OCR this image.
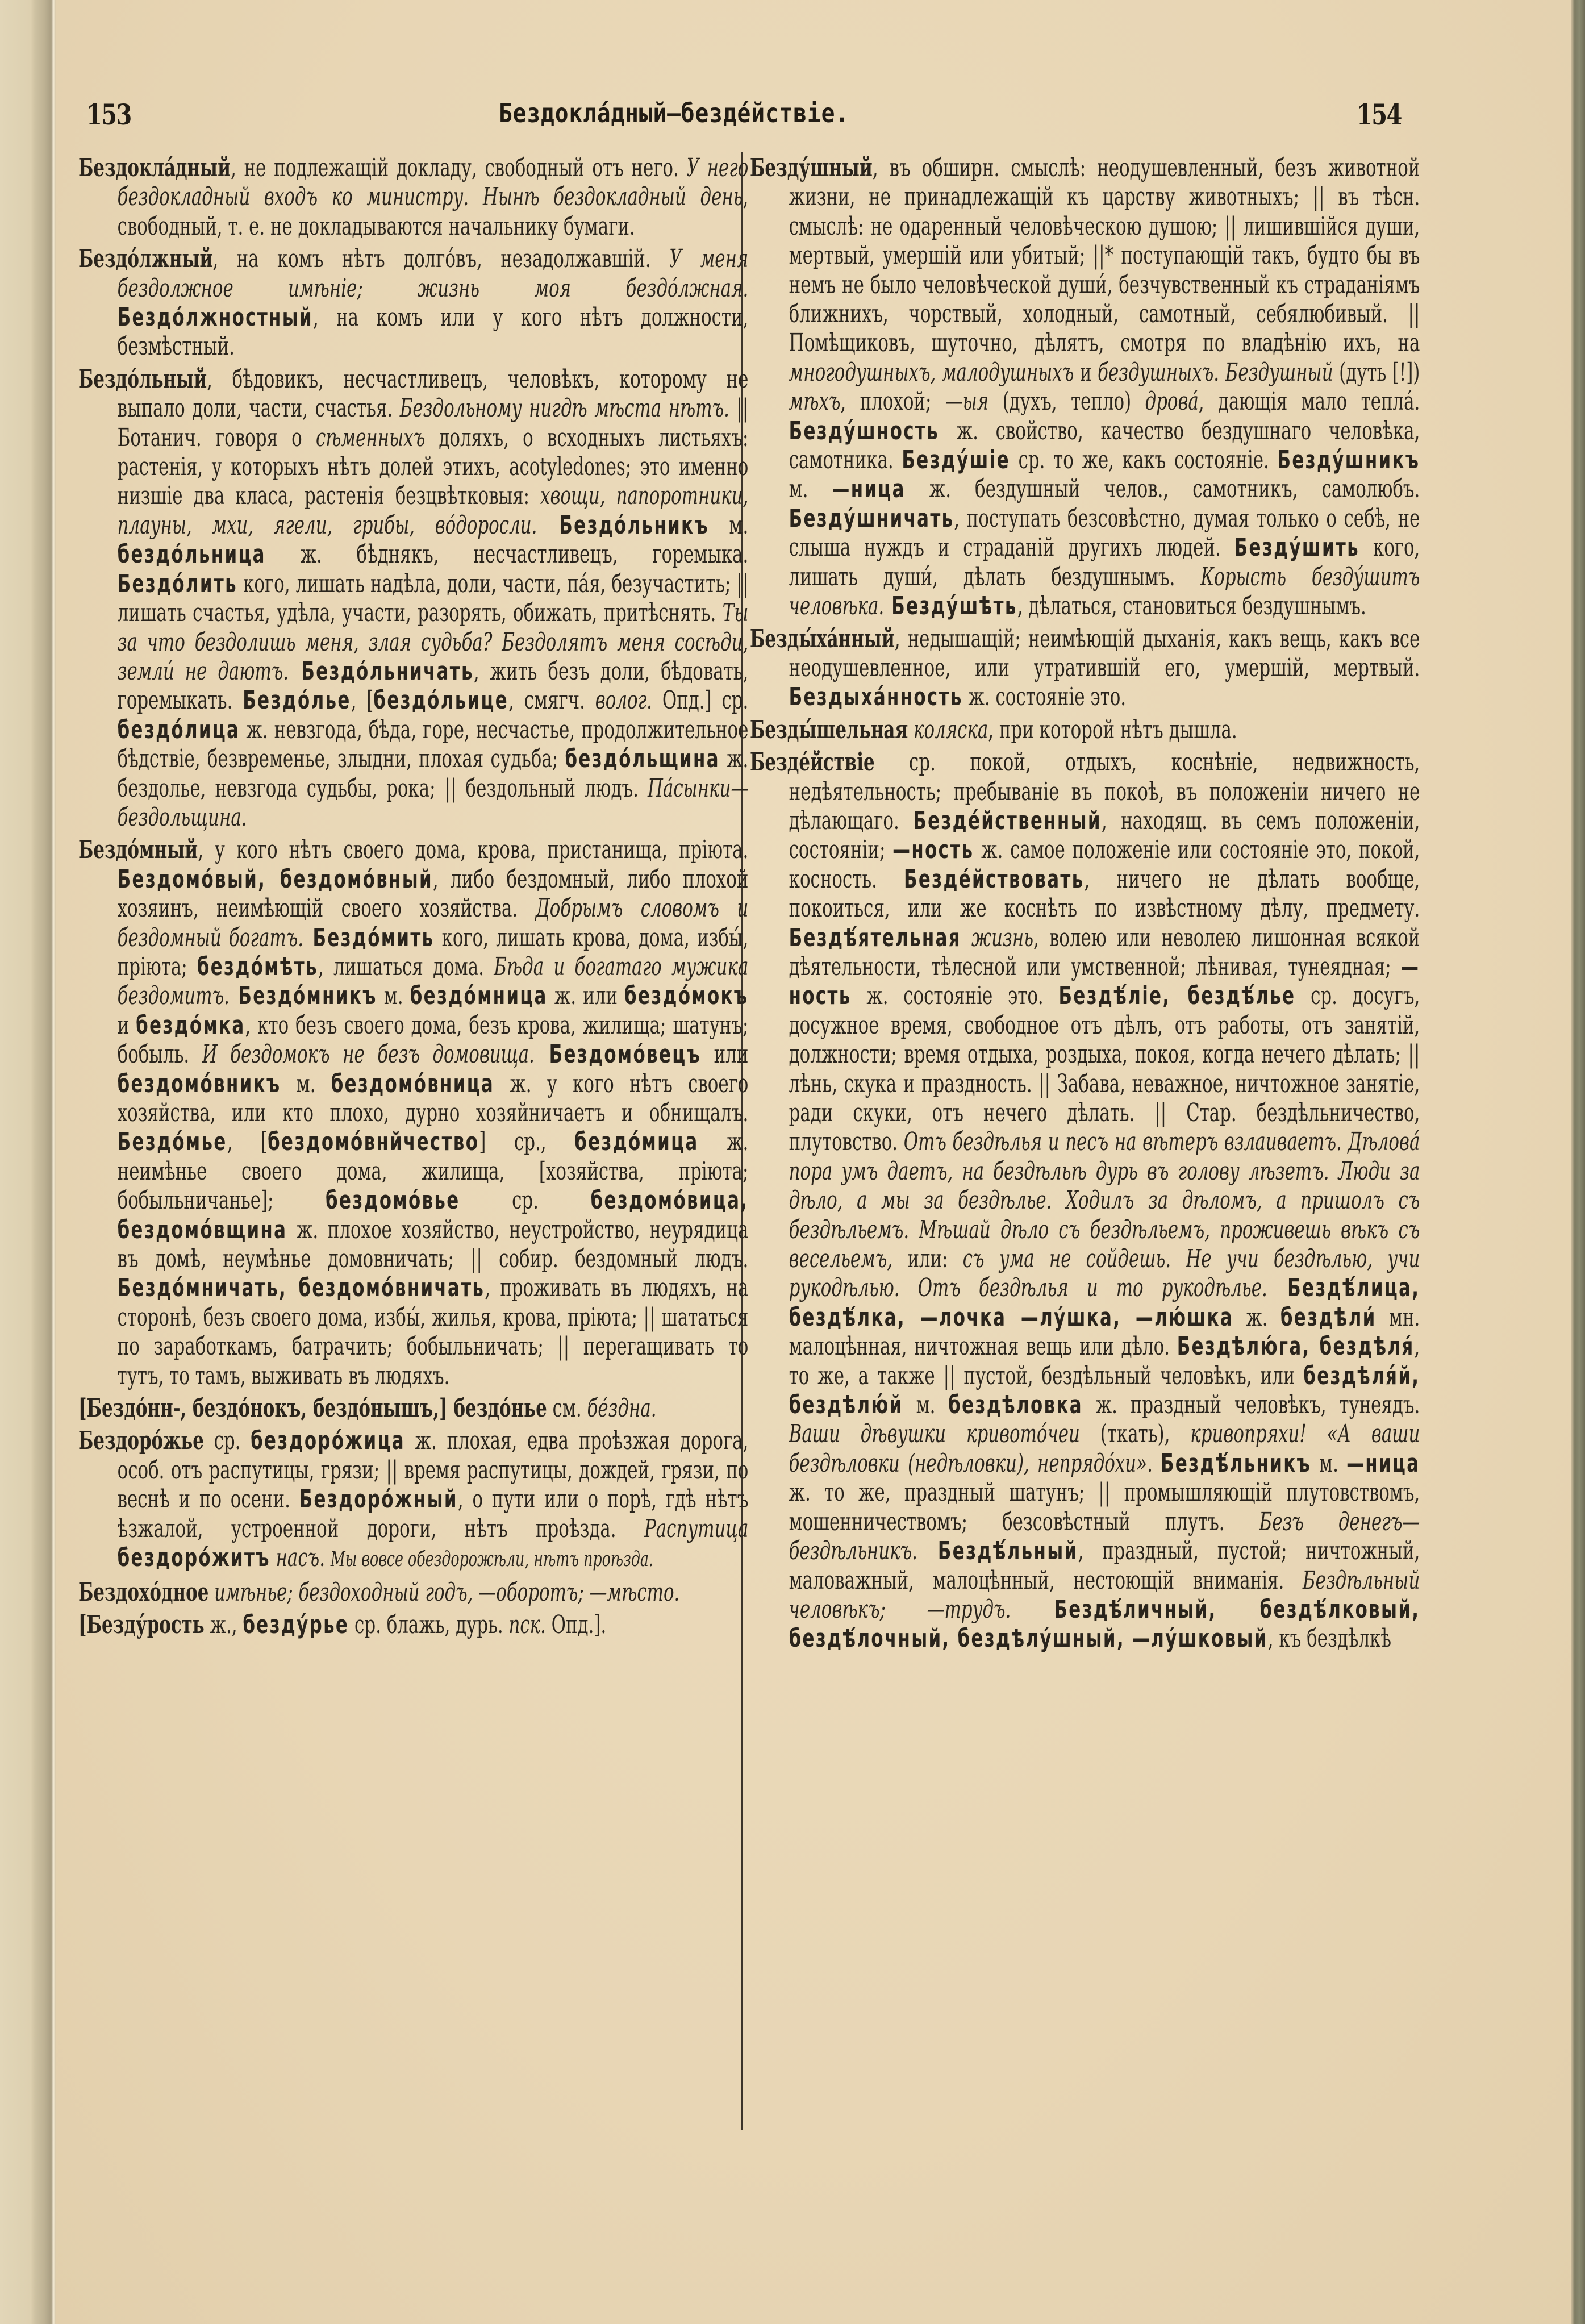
153	Бездокла́дный—безде́йствіе.	154

Бездокла́дный, не подлежащій докладу, свободный отъ него. У него бездокладный входъ ко министру. Нынѣ бездокладный день, свободный, т. е. не докладываются начальнику бумаги.

Бездо́лжный, на комъ нѣтъ долго́въ, незадолжавшій. У меня бездолжное имѣніе; жизнь моя бездо́лжная. Бездо́лжностный, на комъ или у кого нѣтъ должности, безмѣстный.

Бездо́льный, бѣдовикъ, несчастливецъ, человѣкъ, которому не выпало доли, части, счастья. Бездольному нигдѣ мѣста нѣтъ. || Ботанич. говоря о сѣменныхъ доляхъ, о всходныхъ листьяхъ: растенія, у которыхъ нѣтъ долей этихъ, acotyledones; это именно низшіе два класа, растенія безцвѣтковыя: хвощи, папоротники, плауны, мхи, ягели, грибы, во́доросли. Бездо́льникъ м. бездо́льница ж. бѣднякъ, несчастливецъ, горемыка. Бездо́лить кого, лишать надѣла, доли, части, па́я, безучастить; || лишать счастья, удѣла, участи, разорять, обижать, притѣснять. Ты за что бездолишь меня, злая судьба? Бездолятъ меня сосѣди, земли́ не даютъ. Бездо́льничать, жить безъ доли, бѣдовать, горемыкать. Бездо́лье, [бездо́льице, смягч. волог. Опд.] ср. бездо́лица ж. невзгода, бѣда, горе, несчастье, продолжительное бѣдствіе, безвременье, злыдни, плохая судьба; бездо́льщина ж. бездолье, невзгода судьбы, рока; || бездольный людъ. Па́сынки—бездольщина.

Бездо́мный, у кого нѣтъ своего дома, крова, пристанища, пріюта. Бездомо́вый, бездомо́вный, либо бездомный, либо плохой хозяинъ, неимѣющій своего хозяйства. Добрымъ словомъ и бездомный богатъ. Бездо́мить кого, лишать крова, дома, избы́, пріюта; бездо́мѣть, лишаться дома. Бѣда и богатаго мужика бездомитъ. Бездо́мникъ м. бездо́мница ж. или бездо́мокъ и бездо́мка, кто безъ своего дома, безъ крова, жилища; шатунъ; бобыль. И бездомокъ не безъ домовища. Бездомо́вецъ или бездомо́вникъ м. бездомо́вница ж. у кого нѣтъ своего хозяйства, или кто плохо, дурно хозяйничаетъ и обнищалъ. Бездо́мье, [бездомо́внйчество] ср., бездо́мица ж. неимѣнье своего дома, жилища, [хозяйства, пріюта; бобыльничанье]; бездомо́вье ср. бездомо́вица, бездомо́вщина ж. плохое хозяйство, неустройство, неурядица въ домѣ, неумѣнье домовничать; || собир. бездомный людъ. Бездо́мничать, бездомо́вничать, проживать въ людяхъ, на сторонѣ, безъ своего дома, избы́, жилья, крова, пріюта; || шататься по заработкамъ, батрачить; бобыльничать; || перегащивать то тутъ, то тамъ, выживать въ людяхъ.

[Бездо́нн-, бездо́нокъ, бездо́нышъ,] бездо́нье см. бе́здна.

Бездоро́жье ср. бездоро́жица ж. плохая, едва проѣзжая дорога, особ. отъ распутицы, грязи; || время распутицы, дождей, грязи, по веснѣ и по осени. Бездоро́жный, о пути или о порѣ, гдѣ нѣтъ ѣзжалой, устроенной дороги, нѣтъ проѣзда. Распутица бездоро́житъ насъ. Мы вовсе обездорожѣли, нѣтъ проѣзда.

Бездохо́дное имѣнье; бездоходный годъ, —оборотъ; —мѣсто.

[Безду́рость ж., безду́рье ср. блажь, дурь. пск. Опд.].

Безду́шный, въ обширн. смыслѣ: неодушевленный, безъ животной жизни, не принадлежащій къ царству животныхъ; || въ тѣсн. смыслѣ: не одаренный человѣческою душою; || лишившійся души, мертвый, умершій или убитый; ||* поступающій такъ, будто бы въ немъ не было человѣческой души́, безчувственный къ страданіямъ ближнихъ, чорствый, холодный, самотный, себялюбивый. || Помѣщиковъ, шуточно, дѣлятъ, смотря по владѣнію ихъ, на многодушныхъ, малодушныхъ и бездушныхъ. Бездушный (дуть [!]) мѣхъ, плохой; —ыя (духъ, тепло) дрова́, дающія мало тепла́. Безду́шность ж. свойство, качество бездушнаго человѣка, самотника. Безду́шіе ср. то же, какъ состояніе. Безду́шникъ м. —ница ж. бездушный челов., самотникъ, самолюбъ. Безду́шничать, поступать безсовѣстно, думая только о себѣ, не слыша нуждъ и страданій другихъ людей. Безду́шить кого, лишать души́, дѣлать бездушнымъ. Корысть безду́шитъ человѣка. Безду́шѣть, дѣлаться, становиться бездушнымъ.

Безды́ха́нный, недышащій; неимѣющій дыханія, какъ вещь, какъ все неодушевленное, или утратившій его, умершій, мертвый. Бездыха́нность ж. состояніе это.

Безды́шельная коляска, при которой нѣтъ дышла.

Безде́йствіе ср. покой, отдыхъ, коснѣніе, недвижность, недѣятельность; пребываніе въ покоѣ, въ положеніи ничего не дѣлающаго. Безде́йственный, находящ. въ семъ положеніи, состояніи; —ность ж. самое положеніе или состояніе это, покой, косность. Безде́йствовать, ничего не дѣлать вообще, покоиться, или же коснѣть по извѣстному дѣлу, предмету. Бездѣ́ятельная жизнь, волею или неволею лишонная всякой дѣятельности, тѣлесной или умственной; лѣнивая, тунеядная; —ность ж. состояніе это. Бездѣ́ліе, бездѣ́лье ср. досугъ, досужное время, свободное отъ дѣлъ, отъ работы, отъ занятій, должности; время отдыха, роздыха, покоя, когда нечего дѣлать; || лѣнь, скука и праздность. || Забава, неважное, ничтожное занятіе, ради скуки, отъ нечего дѣлать. || Стар. бездѣльничество, плутовство. Отъ бездѣлья и песъ на вѣтеръ взлаиваетъ. Дѣлова́ пора умъ даетъ, на бездѣльѣ дурь въ голову лѣзетъ. Люди за дѣло, а мы за бездѣлье. Ходилъ за дѣломъ, а пришолъ съ бездѣльемъ. Мѣшай дѣло съ бездѣльемъ, проживешь вѣкъ съ весельемъ, или: съ ума не сойдешь. Не учи бездѣлью, учи рукодѣлью. Отъ бездѣлья и то рукодѣлье. Бездѣ́лица, бездѣ́лка, —лочка —лу́шка, —лю́шка ж. бездѣли́ мн. малоцѣнная, ничтожная вещь или дѣло. Бездѣлю́га, бездѣля́, то же, а также || пустой, бездѣльный человѣкъ, или бездѣля́й, бездѣлю́й м. бездѣловка ж. праздный человѣкъ, тунеядъ. Ваши дѣвушки кривото́чеи (ткать), кривопряхи! «А ваши бездѣловки (недѣловки), непрядо́хи». Бездѣ́льникъ м. —ница ж. то же, праздный шатунъ; || промышляющій плутовствомъ, мошенничествомъ; безсовѣстный плутъ. Безъ денегъ—бездѣльникъ. Бездѣ́льный, праздный, пустой; ничтожный, маловажный, малоцѣнный, нестоющій вниманія. Бездѣльный человѣкъ; —трудъ. Бездѣ́личный, бездѣ́лковый, бездѣ́лочный, бездѣлу́шный, —лу́шковый, къ бездѣлкѣ
